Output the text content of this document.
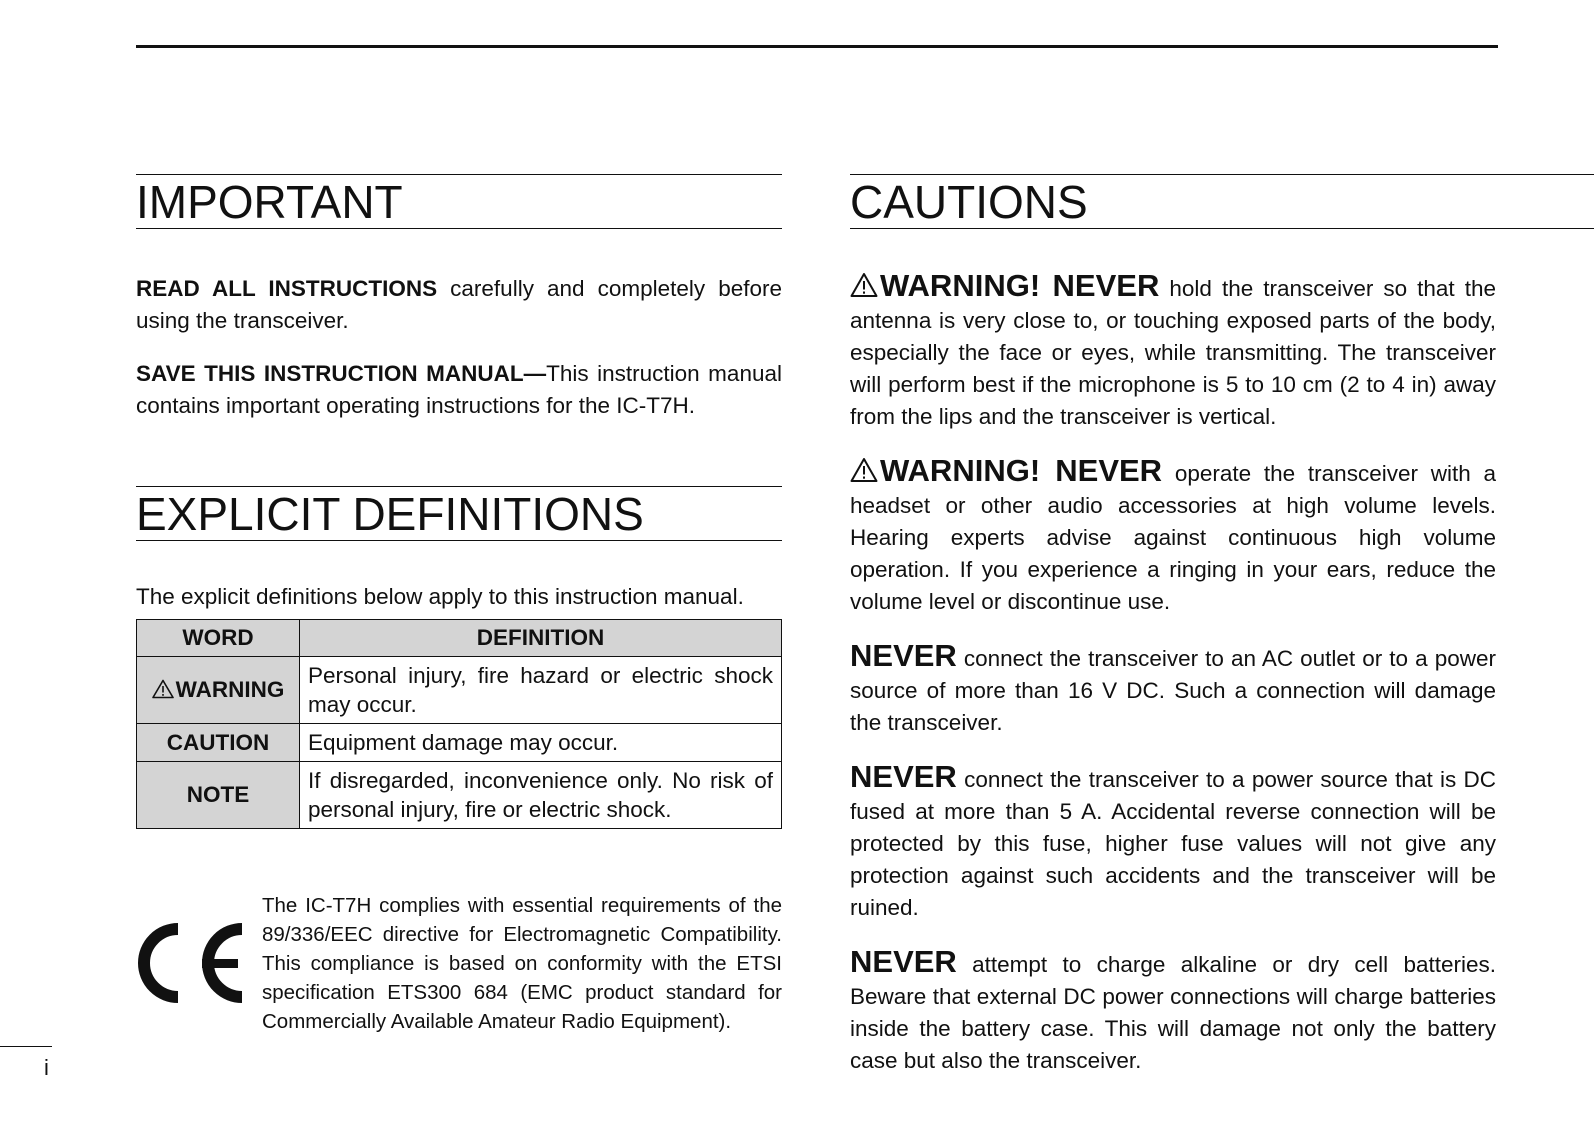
IMPORTANT

READ ALL INSTRUCTIONS carefully and completely before using the transceiver.

SAVE THIS INSTRUCTION MANUAL—This instruction manual contains important operating instructions for the IC-T7H.

EXPLICIT DEFINITIONS

The explicit deﬁnitions below apply to this instruction manual.

WORD	DEFINITION
WARNING	Personal injury, ﬁre hazard or electric shock may occur.
CAUTION	Equipment damage may occur.
NOTE	If disregarded, inconvenience only. No risk of personal injury, ﬁre or electric shock.
The IC-T7H complies with essential requirements of the 89/336/EEC directive for Electromagnetic Compatibility. This compliance is based on conformity with the ETSI specification ETS300 684 (EMC product standard for Commercially Available Amateur Radio Equipment).
CAUTIONS

WARNING! NEVER hold the transceiver so that the antenna is very close to, or touching exposed parts of the body, especially the face or eyes, while transmitting. The transceiver will perform best if the microphone is 5 to 10 cm (2 to 4 in) away from the lips and the transceiver is vertical.

WARNING! NEVER operate the transceiver with a headset or other audio accessories at high volume levels. Hearing experts advise against continuous high volume operation. If you experience a ringing in your ears, reduce the volume level or discontinue use.

NEVER connect the transceiver to an AC outlet or to a power source of more than 16 V DC. Such a connection will damage the transceiver.

NEVER connect the transceiver to a power source that is DC fused at more than 5 A. Accidental reverse connection will be protected by this fuse, higher fuse values will not give any protection against such accidents and the transceiver will be ruined.

NEVER attempt to charge alkaline or dry cell batteries. Beware that external DC power connections will charge batteries inside the battery case. This will damage not only the battery case but also the transceiver.

i
